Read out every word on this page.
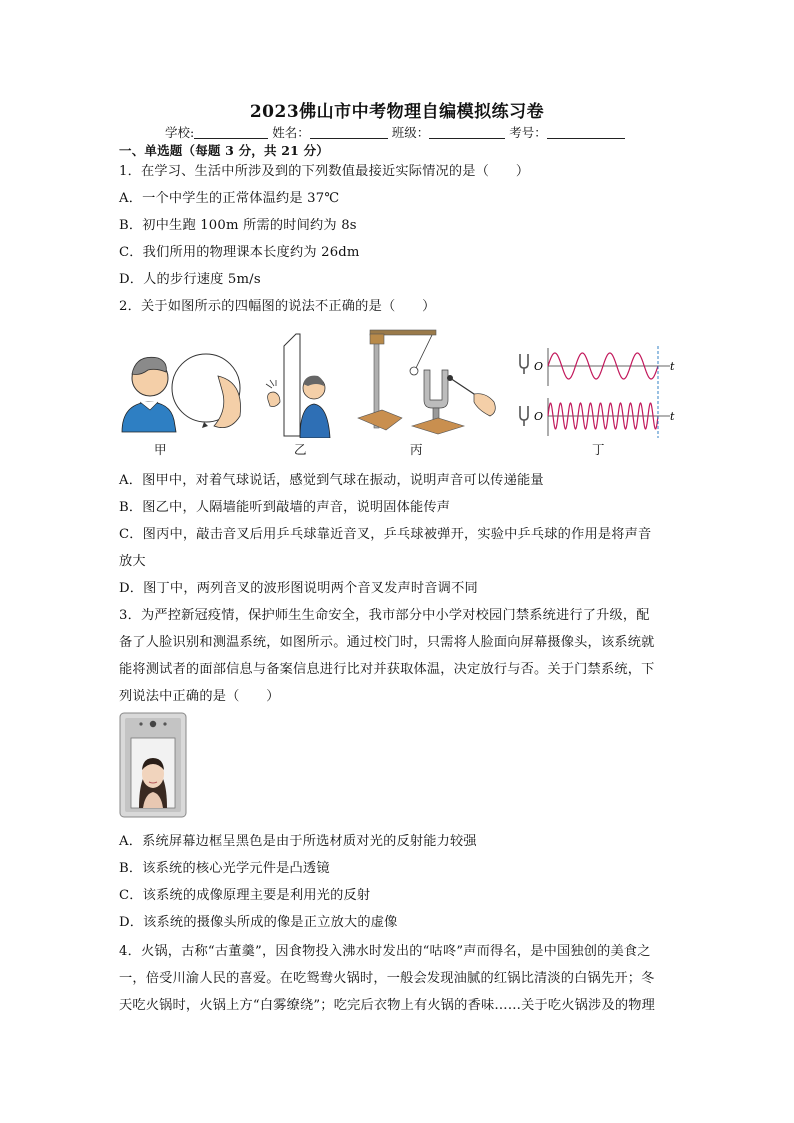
2023佛山市中考物理自编模拟练习卷
学校:	姓名：	班级：	考号：
一、单选题（每题 3 分，共 21 分）
1．在学习、生活中所涉及到的下列数值最接近实际情况的是（　　）
A．一个中学生的正常体温约是 37℃
B．初中生跑 100m 所需的时间约为 8s
C．我们所用的物理课本长度约为 26dm
D．人的步行速度 5m/s
2．关于如图所示的四幅图的说法不正确的是（　　）
甲	乙	丙
O
O
t
t
丁
A．图甲中，对着气球说话，感觉到气球在振动，说明声音可以传递能量
B．图乙中，人隔墙能听到敲墙的声音，说明固体能传声
C．图丙中，敲击音叉后用乒乓球靠近音叉，乒乓球被弹开，实验中乒乓球的作用是将声音
放大
D．图丁中，两列音叉的波形图说明两个音叉发声时音调不同
3．为严控新冠疫情，保护师生生命安全，我市部分中小学对校园门禁系统进行了升级，配
备了人脸识别和测温系统，如图所示。通过校门时，只需将人脸面向屏幕摄像头，该系统就
能将测试者的面部信息与备案信息进行比对并获取体温，决定放行与否。关于门禁系统，下
列说法中正确的是（　　）
A．系统屏幕边框呈黑色是由于所选材质对光的反射能力较强
B．该系统的核心光学元件是凸透镜
C．该系统的成像原理主要是利用光的反射
D．该系统的摄像头所成的像是正立放大的虚像
4．火锅，古称“古董羹”，因食物投入沸水时发出的“咕咚”声而得名，是中国独创的美食之
一，倍受川渝人民的喜爱。在吃鸳鸯火锅时，一般会发现油腻的红锅比清淡的白锅先开；冬
天吃火锅时，火锅上方“白雾缭绕”；吃完后衣物上有火锅的香味……关于吃火锅涉及的物理
